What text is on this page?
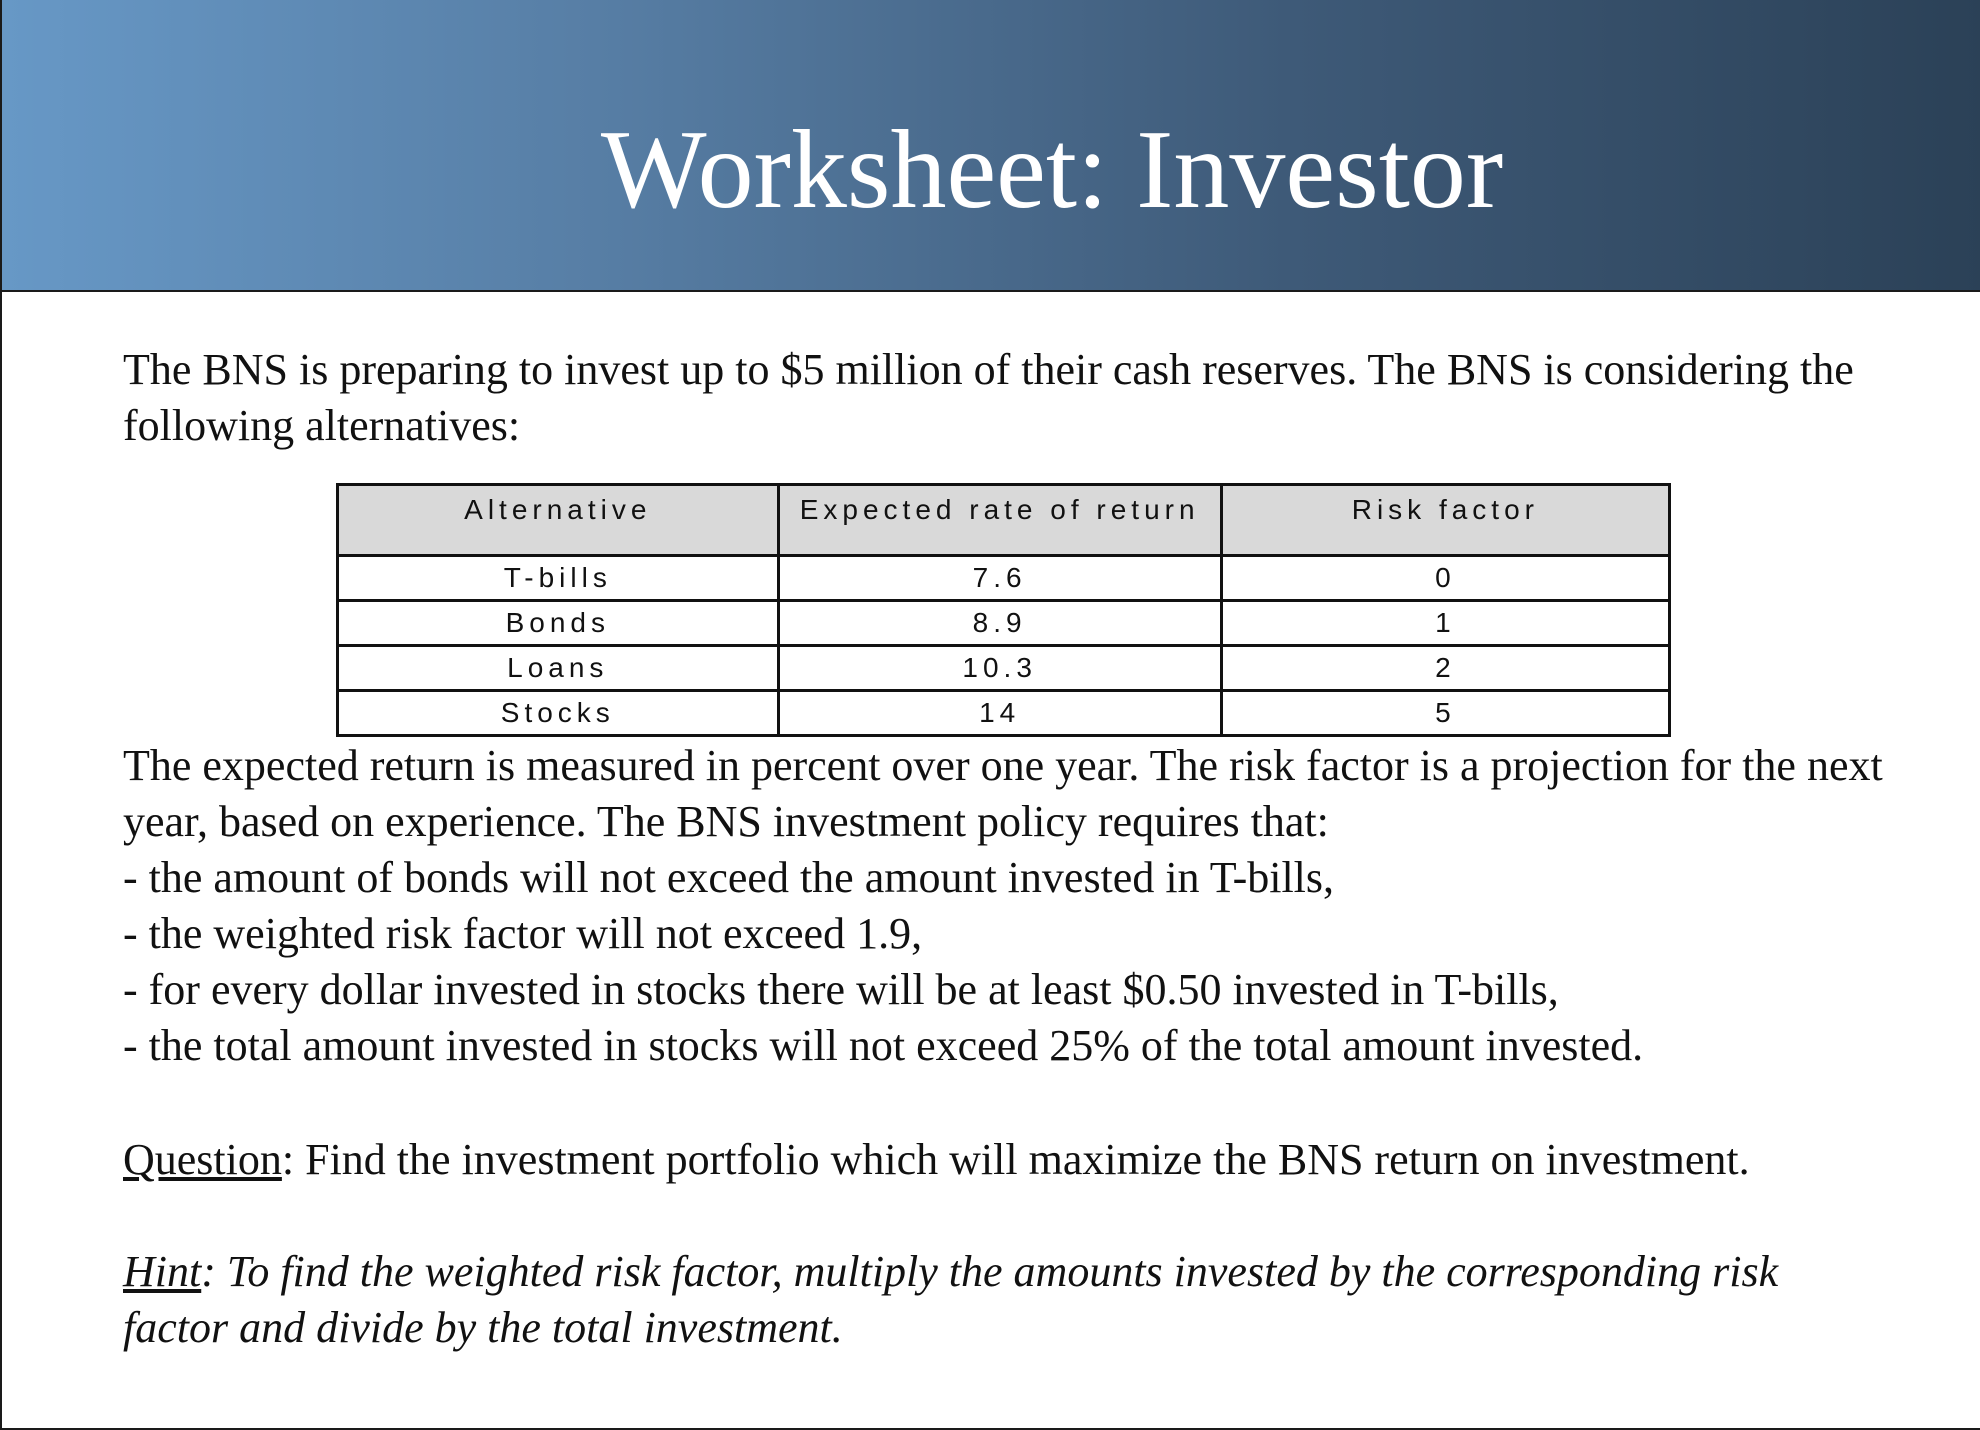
Worksheet: Investor

The BNS is preparing to invest up to $5 million of their cash reserves. The BNS is considering the
following alternatives:

The expected return is measured in percent over one year. The risk factor is a projection for the next
year, based on experience. The BNS investment policy requires that:
- the amount of bonds will not exceed the amount invested in T-bills,
- the weighted risk factor will not exceed 1.9,
- for every dollar invested in stocks there will be at least $0.50 invested in T-bills,
- the total amount invested in stocks will not exceed 25% of the total amount invested.

Question: Find the investment portfolio which will maximize the BNS return on investment.

Hint: To find the weighted risk factor, multiply the amounts invested by the corresponding risk
factor and divide by the total investment.

Alternative	Expected rate of return	Risk factor
T-bills	7.6	0
Bonds	8.9	1
Loans	10.3	2
Stocks	14	5
